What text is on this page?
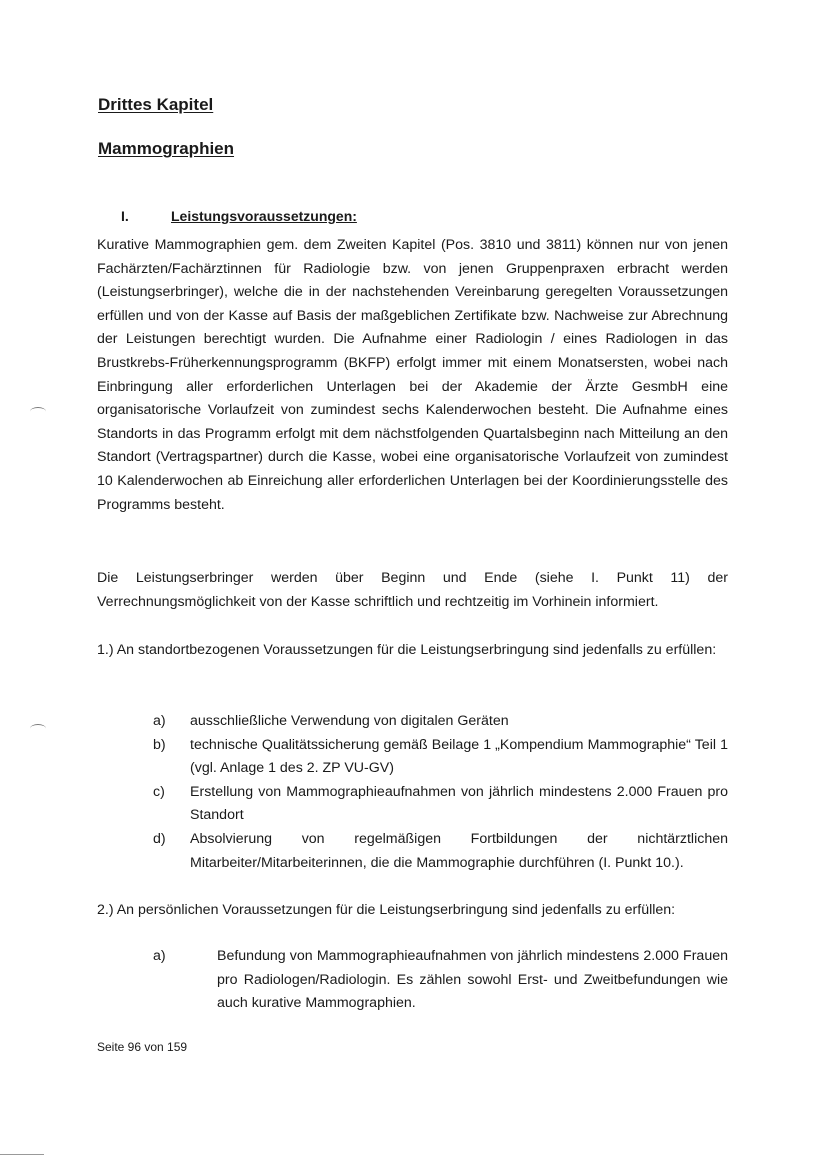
Drittes Kapitel
Mammographien
I.	Leistungsvoraussetzungen:

Kurative Mammographien gem. dem Zweiten Kapitel (Pos. 3810 und 3811) können nur von jenen Fachärzten/Fachärztinnen für Radiologie bzw. von jenen Gruppenpraxen erbracht werden (Leistungserbringer), welche die in der nachstehenden Vereinbarung geregelten Voraussetzungen erfüllen und von der Kasse auf Basis der maßgeblichen Zertifikate bzw. Nachweise zur Abrechnung der Leistungen berechtigt wurden. Die Aufnahme einer Radiologin / eines Radiologen in das Brustkrebs-Früherkennungsprogramm (BKFP) erfolgt immer mit einem Monatsersten, wobei nach Einbringung aller erforderlichen Unterlagen bei der Akademie der Ärzte GesmbH eine organisatorische Vorlaufzeit von zumindest sechs Kalenderwochen besteht. Die Aufnahme eines Standorts in das Programm erfolgt mit dem nächstfolgenden Quartalsbeginn nach Mitteilung an den Standort (Vertragspartner) durch die Kasse, wobei eine organisatorische Vorlaufzeit von zumindest 10 Kalenderwochen ab Einreichung aller erforderlichen Unterlagen bei der Koordinierungsstelle des Programms besteht.

Die Leistungserbringer werden über Beginn und Ende (siehe I. Punkt 11) der Verrechnungsmöglichkeit von der Kasse schriftlich und rechtzeitig im Vorhinein informiert.

1.) An standortbezogenen Voraussetzungen für die Leistungserbringung sind jedenfalls zu erfüllen:

a)	ausschließliche Verwendung von digitalen Geräten
b)	technische Qualitätssicherung gemäß Beilage 1 „Kompendium Mammographie“ Teil 1 (vgl. Anlage 1 des 2. ZP VU-GV)
c)	Erstellung von Mammographieaufnahmen von jährlich mindestens 2.000 Frauen pro Standort
d)	Absolvierung von regelmäßigen Fortbildungen der nichtärztlichen Mitarbeiter/Mitarbeiterinnen, die die Mammographie durchführen (I. Punkt 10.).

2.) An persönlichen Voraussetzungen für die Leistungserbringung sind jedenfalls zu erfüllen:

a)	Befundung von Mammographieaufnahmen von jährlich mindestens 2.000 Frauen pro Radiologen/Radiologin. Es zählen sowohl Erst- und Zweitbefundungen wie auch kurative Mammographien.
Seite 96 von 159
